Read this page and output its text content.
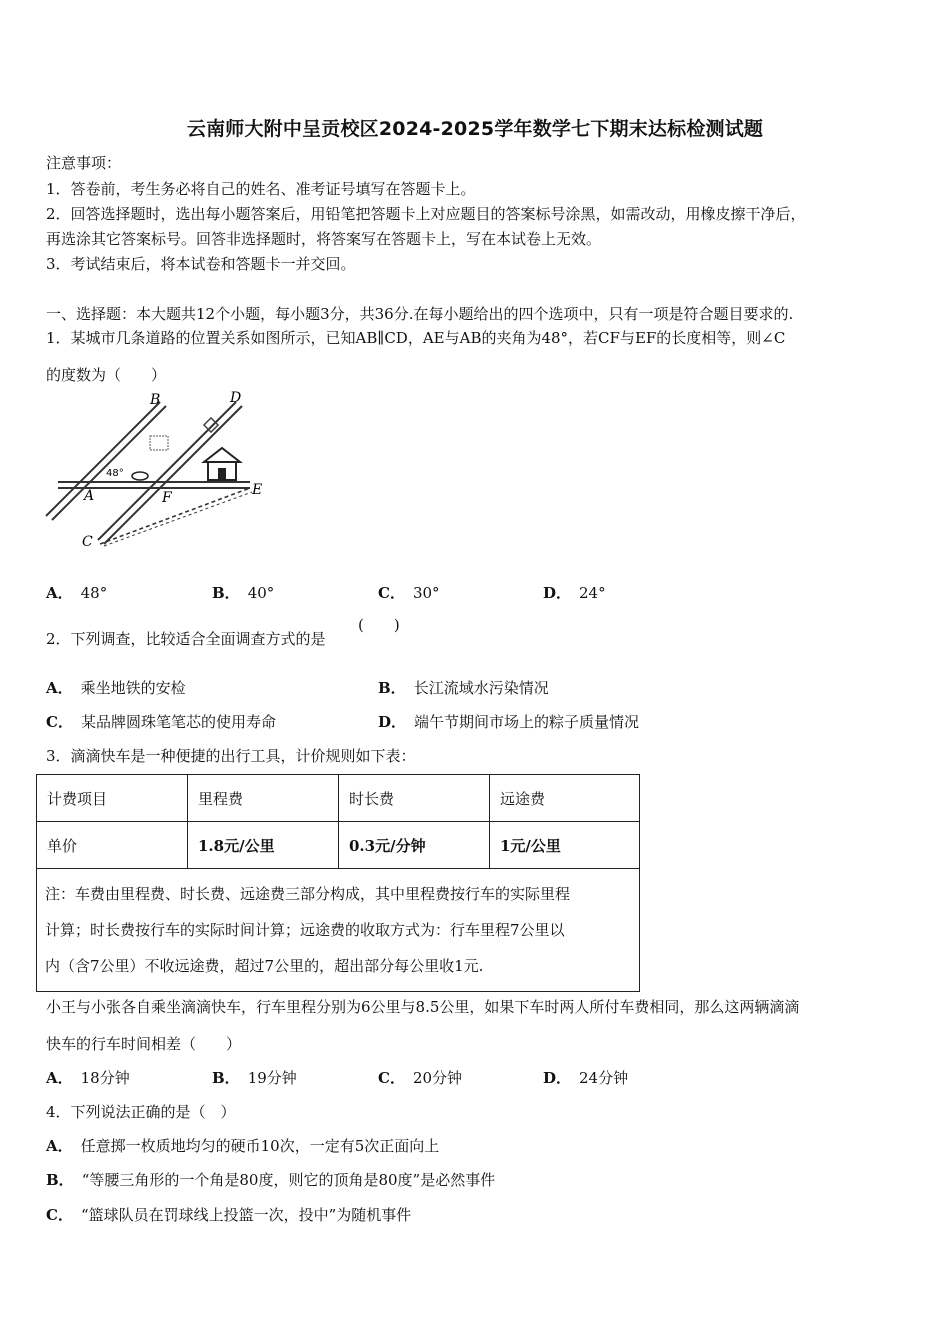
云南师大附中呈贡校区2024-2025学年数学七下期末达标检测试题
注意事项：
1．答卷前，考生务必将自己的姓名、准考证号填写在答题卡上。
2．回答选择题时，选出每小题答案后，用铅笔把答题卡上对应题目的答案标号涂黑，如需改动，用橡皮擦干净后，
再选涂其它答案标号。回答非选择题时，将答案写在答题卡上，写在本试卷上无效。
3．考试结束后，将本试卷和答题卡一并交回。
一、选择题：本大题共12个小题，每小题3分，共36分.在每小题给出的四个选项中，只有一项是符合题目要求的.
1．某城市几条道路的位置关系如图所示，已知AB∥CD，AE与AB的夹角为48°，若CF与EF的长度相等，则∠C
的度数为（　　）
B	D
A	F	E
C
48°
A． 48°	B． 40°	C． 30°	D． 24°
2．下列调查，比较适合全面调查方式的是
(　　)
A． 乘坐地铁的安检	B． 长江流域水污染情况
C． 某品牌圆珠笔笔芯的使用寿命	D． 端午节期间市场上的粽子质量情况
3．滴滴快车是一种便捷的出行工具，计价规则如下表：
计费项目	里程费	时长费	远途费
单价	1.8元/公里	0.3元/分钟	1元/公里

注：车费由里程费、时长费、远途费三部分构成，其中里程费按行车的实际里程
计算；时长费按行车的实际时间计算；远途费的收取方式为：行车里程7公里以
内（含7公里）不收远途费，超过7公里的，超出部分每公里收1元.			
小王与小张各自乘坐滴滴快车，行车里程分别为6公里与8.5公里，如果下车时两人所付车费相同，那么这两辆滴滴
快车的行车时间相差（　　）
A． 18分钟	B． 19分钟	C． 20分钟	D． 24分钟
4．下列说法正确的是（　）
A． 任意掷一枚质地均匀的硬币10次，一定有5次正面向上
B． “等腰三角形的一个角是80度，则它的顶角是80度”是必然事件
C． “篮球队员在罚球线上投篮一次，投中”为随机事件
